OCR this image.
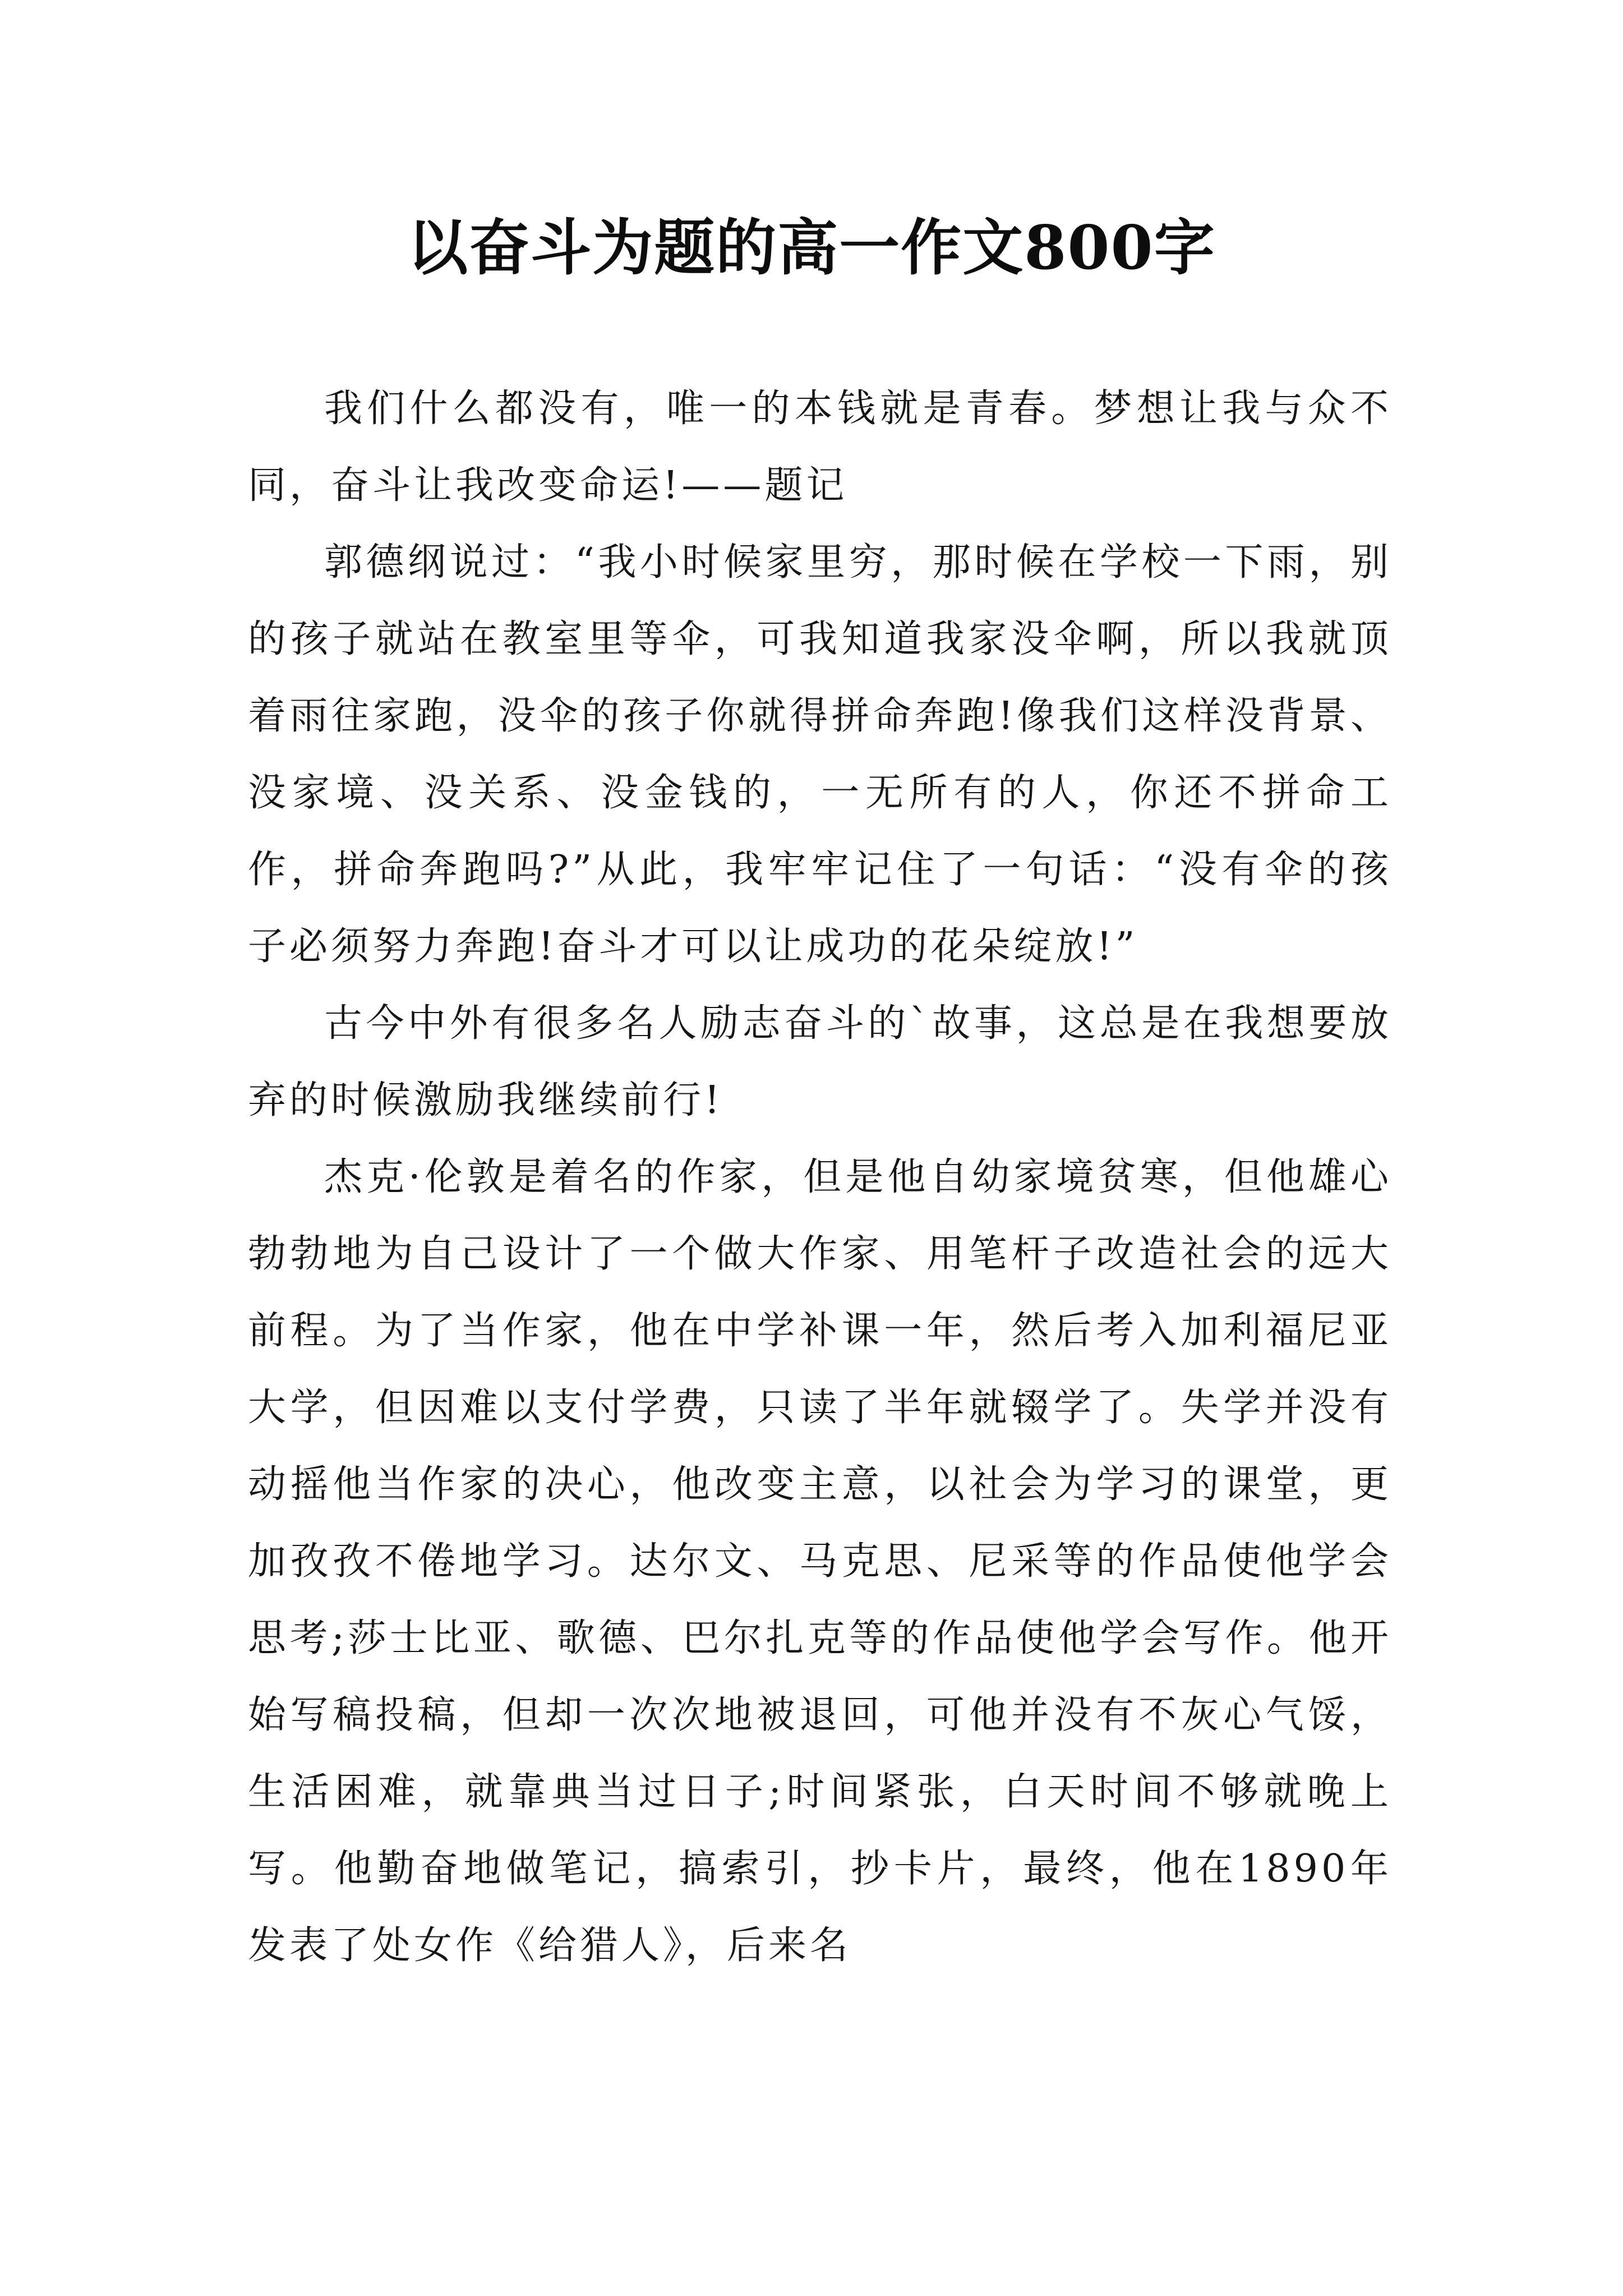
以奋斗为题的高一作文800字

我们什么都没有，唯一的本钱就是青春。梦想让我与众不同，奋斗让我改变命运!——题记

郭德纲说过：“我小时候家里穷，那时候在学校一下雨，别的孩子就站在教室里等伞，可我知道我家没伞啊，所以我就顶着雨往家跑，没伞的孩子你就得拼命奔跑!像我们这样没背景、没家境、没关系、没金钱的，一无所有的人，你还不拼命工作，拼命奔跑吗?”从此，我牢牢记住了一句话：“没有伞的孩子必须努力奔跑!奋斗才可以让成功的花朵绽放!”

古今中外有很多名人励志奋斗的`故事，这总是在我想要放弃的时候激励我继续前行!

杰克·伦敦是着名的作家，但是他自幼家境贫寒，但他雄心勃勃地为自己设计了一个做大作家、用笔杆子改造社会的远大前程。为了当作家，他在中学补课一年，然后考入加利福尼亚大学，但因难以支付学费，只读了半年就辍学了。失学并没有动摇他当作家的决心，他改变主意，以社会为学习的课堂，更加孜孜不倦地学习。达尔文、马克思、尼采等的作品使他学会思考;莎士比亚、歌德、巴尔扎克等的作品使他学会写作。他开始写稿投稿，但却一次次地被退回，可他并没有不灰心气馁，生活困难，就靠典当过日子;时间紧张，白天时间不够就晚上写。他勤奋地做笔记，搞索引，抄卡片，最终，他在1890年发表了处女作《给猎人》，后来名
